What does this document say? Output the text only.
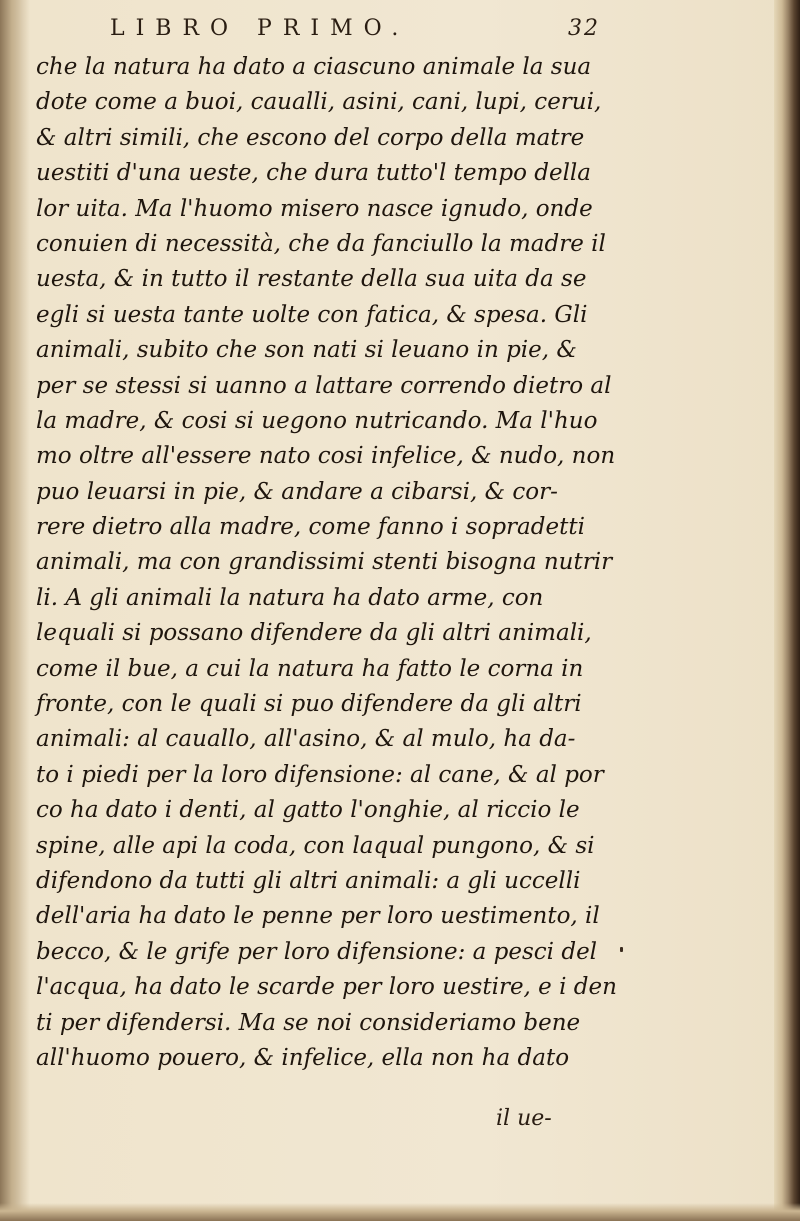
LIBRO PRIMO.	32
che la natura ha dato a ciascuno animale la sua
dote come a buoi, caualli, asini, cani, lupi, cerui,
& altri simili, che escono del corpo della matre
uestiti d'una ueste, che dura tutto'l tempo della
lor uita. Ma l'huomo misero nasce ignudo, onde
conuien di necessità, che da fanciullo la madre il
uesta, & in tutto il restante della sua uita da se
egli si uesta tante uolte con fatica, & spesa. Gli
animali, subito che son nati si leuano in pie, &
per se stessi si uanno a lattare correndo dietro al
la madre, & cosi si uegono nutricando. Ma l'huo
mo oltre all'essere nato cosi infelice, & nudo, non
puo leuarsi in pie, & andare a cibarsi, & cor-
rere dietro alla madre, come fanno i sopradetti
animali, ma con grandissimi stenti bisogna nutrir
li. A gli animali la natura ha dato arme, con
lequali si possano difendere da gli altri animali,
come il bue, a cui la natura ha fatto le corna in
fronte, con le quali si puo difendere da gli altri
animali: al cauallo, all'asino, & al mulo, ha da-
to i piedi per la loro difensione: al cane, & al por
co ha dato i denti, al gatto l'onghie, al riccio le
spine, alle api la coda, con laqual pungono, & si
difendono da tutti gli altri animali: a gli uccelli
dell'aria ha dato le penne per loro uestimento, il
becco, & le grife per loro difensione: a pesci del
l'acqua, ha dato le scarde per loro uestire, e i den
ti per difendersi. Ma se noi consideriamo bene
all'huomo pouero, & infelice, ella non ha dato
il ue-
